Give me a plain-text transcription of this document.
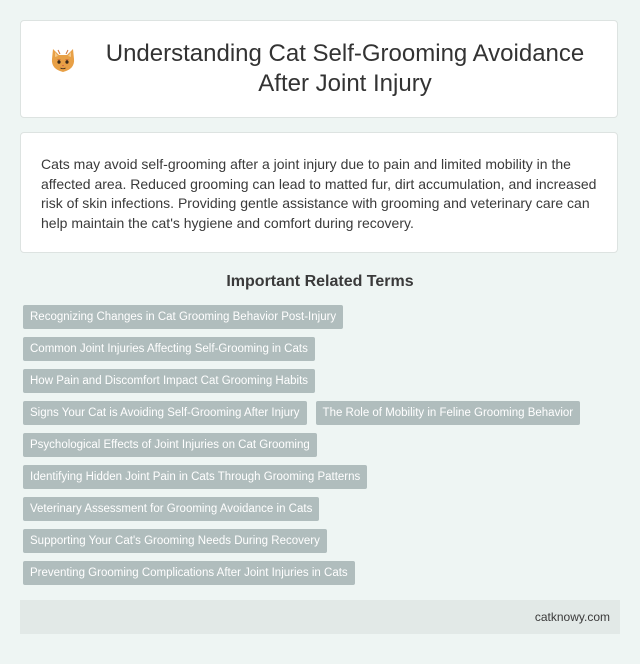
Understanding Cat Self-Grooming Avoidance After Joint Injury

Cats may avoid self-grooming after a joint injury due to pain and limited mobility in the affected area. Reduced grooming can lead to matted fur, dirt accumulation, and increased risk of skin infections. Providing gentle assistance with grooming and veterinary care can help maintain the cat's hygiene and comfort during recovery.

Important Related Terms
Recognizing Changes in Cat Grooming Behavior Post-Injury
Common Joint Injuries Affecting Self-Grooming in Cats
How Pain and Discomfort Impact Cat Grooming Habits
Signs Your Cat is Avoiding Self-Grooming After Injury	The Role of Mobility in Feline Grooming Behavior
Psychological Effects of Joint Injuries on Cat Grooming
Identifying Hidden Joint Pain in Cats Through Grooming Patterns
Veterinary Assessment for Grooming Avoidance in Cats
Supporting Your Cat's Grooming Needs During Recovery
Preventing Grooming Complications After Joint Injuries in Cats
catknowy.com
